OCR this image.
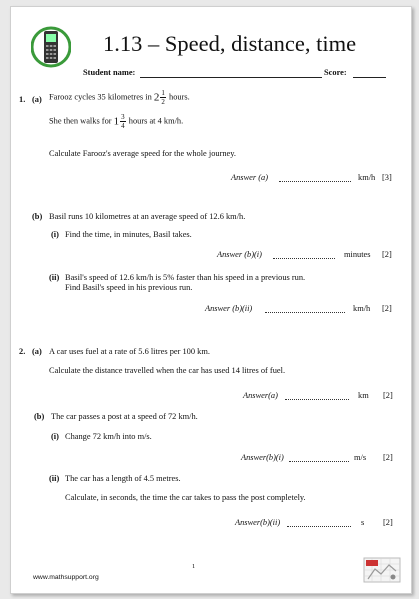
1.13 – Speed, distance, time
Student name:	Score:
1. (a) Farooz cycles 35 kilometres in $2 \frac{1}{2}$ hours.
She then walks for $1 \frac{3}{4}$ hours at 4 km/h.
Calculate Farooz's average speed for the whole journey.
Answer (a)	km/h [3]
(b) Basil runs 10 kilometres at an average speed of 12.6 km/h.
(i) Find the time, in minutes, Basil takes.
Answer (b)(i)	minutes [2]
(ii) Basil's speed of 12.6 km/h is 5% faster than his speed in a previous run.
Find Basil's speed in his previous run.
Answer (b)(ii)	km/h [2]
2. (a) A car uses fuel at a rate of 5.6 litres per 100 km.
Calculate the distance travelled when the car has used 14 litres of fuel.
Answer(a)	km [2]
(b) The car passes a post at a speed of 72 km/h.
(i) Change 72 km/h into m/s.
Answer(b)(i)	m/s [2]
(ii) The car has a length of 4.5 metres.
Calculate, in seconds, the time the car takes to pass the post completely.
Answer(b)(ii)	s [2]
www.mathsupport.org
1
